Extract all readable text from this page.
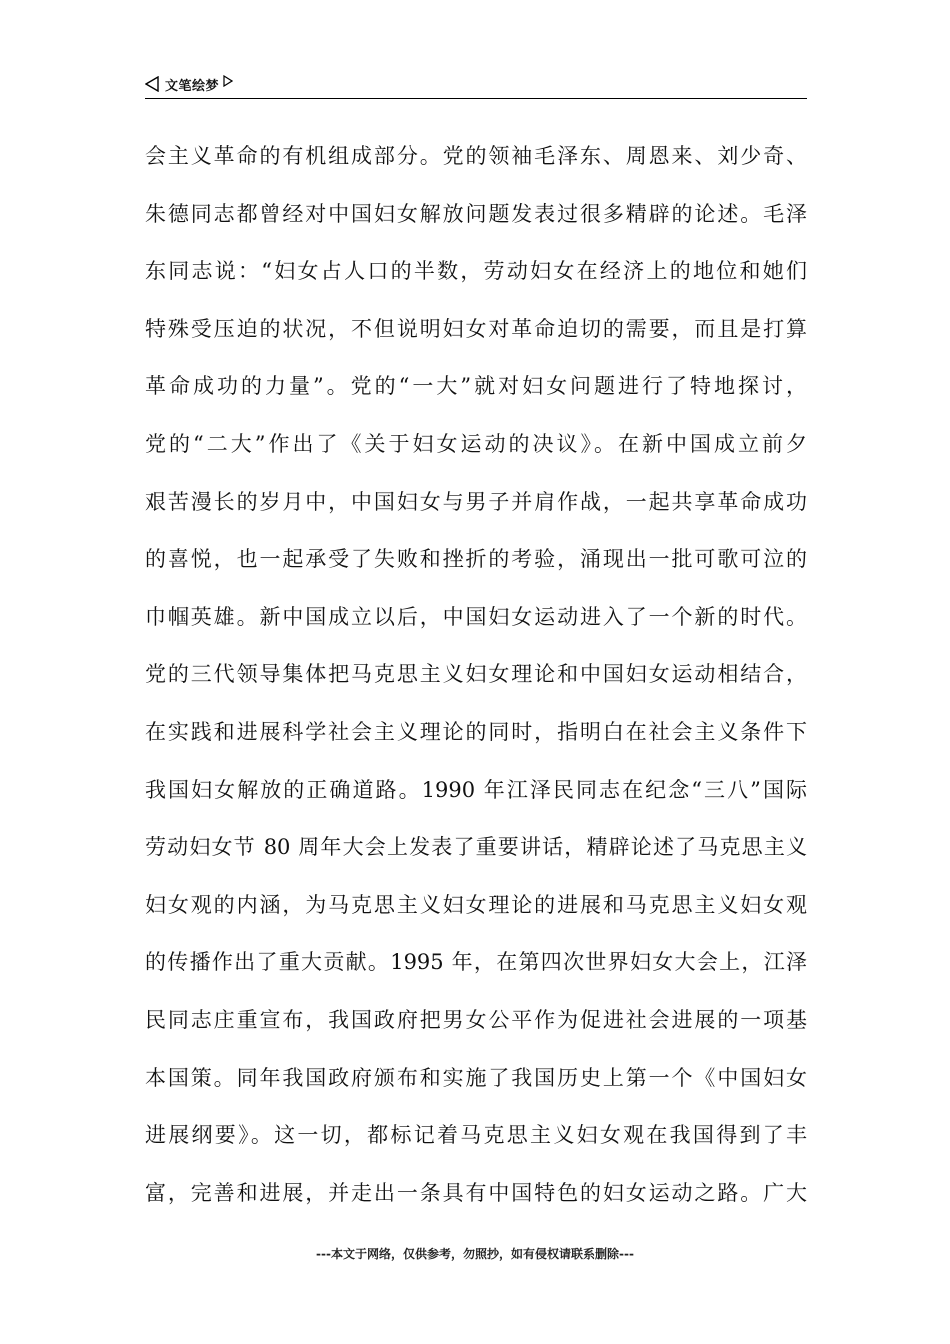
文笔绘梦
会主义革命的有机组成部分。党的领袖毛泽东、周恩来、刘少奇、
朱德同志都曾经对中国妇女解放问题发表过很多精辟的论述。毛泽
东同志说：“妇女占人口的半数，劳动妇女在经济上的地位和她们
特殊受压迫的状况，不但说明妇女对革命迫切的需要，而且是打算
革命成功的力量”。党的“一大”就对妇女问题进行了特地探讨，
党的“二大”作出了《关于妇女运动的决议》。在新中国成立前夕
艰苦漫长的岁月中，中国妇女与男子并肩作战，一起共享革命成功
的喜悦，也一起承受了失败和挫折的考验，涌现出一批可歌可泣的
巾帼英雄。新中国成立以后，中国妇女运动进入了一个新的时代。
党的三代领导集体把马克思主义妇女理论和中国妇女运动相结合，
在实践和进展科学社会主义理论的同时，指明白在社会主义条件下
我国妇女解放的正确道路。1990 年江泽民同志在纪念“三八”国际
劳动妇女节 80 周年大会上发表了重要讲话，精辟论述了马克思主义
妇女观的内涵，为马克思主义妇女理论的进展和马克思主义妇女观
的传播作出了重大贡献。1995 年，在第四次世界妇女大会上，江泽
民同志庄重宣布，我国政府把男女公平作为促进社会进展的一项基
本国策。同年我国政府颁布和实施了我国历史上第一个《中国妇女
进展纲要》。这一切，都标记着马克思主义妇女观在我国得到了丰
富，完善和进展，并走出一条具有中国特色的妇女运动之路。广大
---本文于网络，仅供参考，勿照抄，如有侵权请联系删除---
